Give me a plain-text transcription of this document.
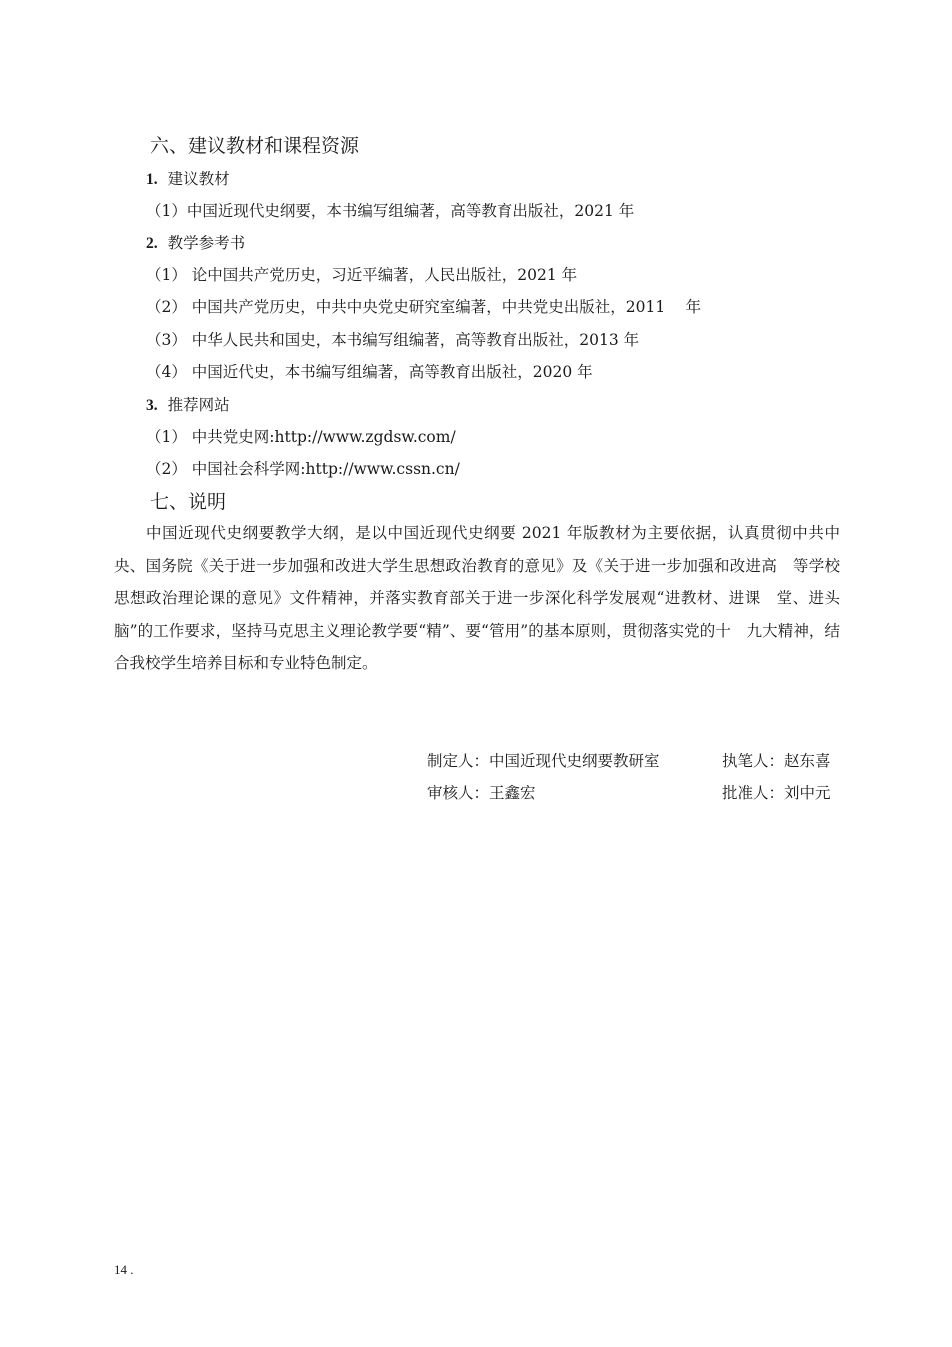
六、建议教材和课程资源
1. 建议教材
（1）中国近现代史纲要，本书编写组编著，高等教育出版社，2021 年
2. 教学参考书
（1） 论中国共产党历史，习近平编著，人民出版社，2021 年
（2） 中国共产党历史，中共中央党史研究室编著，中共党史出版社，2011　 年
（3） 中华人民共和国史，本书编写组编著，高等教育出版社，2013 年
（4） 中国近代史，本书编写组编著，高等教育出版社，2020 年
3. 推荐网站
（1） 中共党史网:http://www.zgdsw.com/
（2） 中国社会科学网:http://www.cssn.cn/
七、说明
中国近现代史纲要教学大纲，是以中国近现代史纲要 2021 年版教材为主要依据，认真贯彻中共中央、国务院《关于进一步加强和改进大学生思想政治教育的意见》及《关于进一步加强和改进高　等学校思想政治理论课的意见》文件精神，并落实教育部关于进一步深化科学发展观“进教材、进课　堂、进头脑”的工作要求，坚持马克思主义理论教学要“精”、要“管用”的基本原则，贯彻落实党的十　九大精神，结合我校学生培养目标和专业特色制定。
制定人：中国近现代史纲要教研室	执笔人：赵东喜
审核人：王鑫宏	批准人：刘中元
14 .
